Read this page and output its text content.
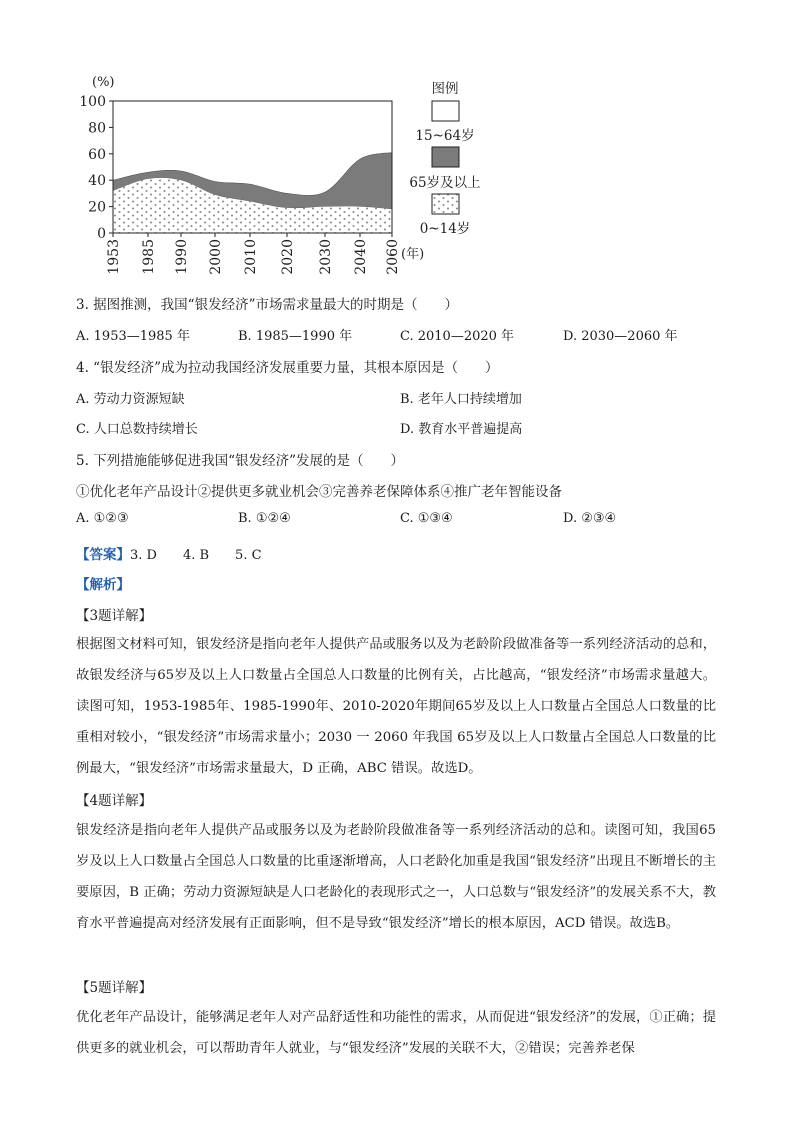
100
80
60
40
20
0
(%)
1953 1985 1990 2000 2010 2020 2030 2040 2060 (年)
图例
15~64岁
65岁及以上
0~14岁
3. 据图推测，我国“银发经济”市场需求量最大的时期是（　　）
A. 1953—1985 年	B. 1985—1990 年	C. 2010—2020 年	D. 2030—2060 年
4. “银发经济”成为拉动我国经济发展重要力量，其根本原因是（　　）
A. 劳动力资源短缺	B. 老年人口持续增加
C. 人口总数持续增长	D. 教育水平普遍提高
5. 下列措施能够促进我国“银发经济”发展的是（　　）
①优化老年产品设计②提供更多就业机会③完善养老保障体系④推广老年智能设备
A. ①②③	B. ①②④	C. ①③④	D. ②③④
【答案】3. D　　4. B　　5. C
【解析】
【3题详解】
根据图文材料可知，银发经济是指向老年人提供产品或服务以及为老龄阶段做准备等一系列经济活动的总和，故银发经济与65岁及以上人口数量占全国总人口数量的比例有关，占比越高，“银发经济”市场需求量越大。读图可知，1953-1985年、1985-1990年、2010-2020年期间65岁及以上人口数量占全国总人口数量的比重相对较小，“银发经济”市场需求量小；2030 一 2060 年我国 65岁及以上人口数量占全国总人口数量的比例最大，“银发经济”市场需求量最大，D 正确，ABC 错误。故选D。
【4题详解】
银发经济是指向老年人提供产品或服务以及为老龄阶段做准备等一系列经济活动的总和。读图可知，我国65岁及以上人口数量占全国总人口数量的比重逐渐增高，人口老龄化加重是我国“银发经济”出现且不断增长的主要原因，B 正确；劳动力资源短缺是人口老龄化的表现形式之一，人口总数与“银发经济”的发展关系不大，教育水平普遍提高对经济发展有正面影响，但不是导致“银发经济”增长的根本原因，ACD 错误。故选B。
【5题详解】
优化老年产品设计，能够满足老年人对产品舒适性和功能性的需求，从而促进“银发经济”的发展，①正确；提供更多的就业机会，可以帮助青年人就业，与“银发经济”发展的关联不大，②错误；完善养老保
